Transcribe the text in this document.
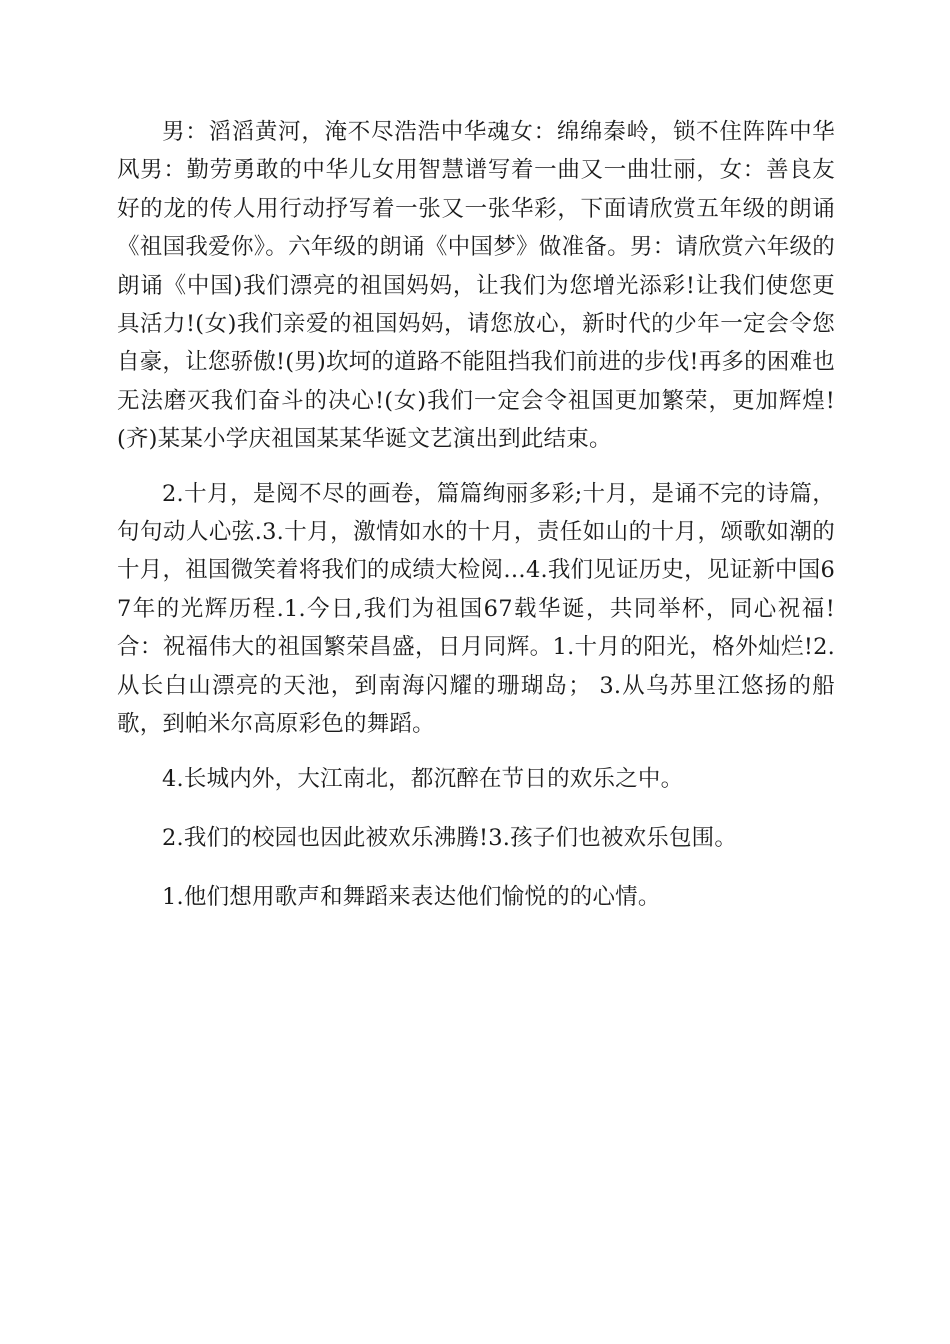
男：滔滔黄河，淹不尽浩浩中华魂女：绵绵秦岭，锁不住阵阵中华风男：勤劳勇敢的中华儿女用智慧谱写着一曲又一曲壮丽，女：善良友好的龙的传人用行动抒写着一张又一张华彩，下面请欣赏五年级的朗诵《祖国我爱你》。六年级的朗诵《中国梦》做准备。男：请欣赏六年级的朗诵《中国)我们漂亮的祖国妈妈，让我们为您增光添彩!让我们使您更具活力!(女)我们亲爱的祖国妈妈，请您放心，新时代的少年一定会令您自豪，让您骄傲!(男)坎坷的道路不能阻挡我们前进的步伐!再多的困难也无法磨灭我们奋斗的决心!(女)我们一定会令祖国更加繁荣，更加辉煌!(齐)某某小学庆祖国某某华诞文艺演出到此结束。

2.十月，是阅不尽的画卷，篇篇绚丽多彩;十月，是诵不完的诗篇，句句动人心弦.3.十月，激情如水的十月，责任如山的十月，颂歌如潮的十月，祖国微笑着将我们的成绩大检阅…4.我们见证历史，见证新中国67年的光辉历程.1.今日,我们为祖国67载华诞，共同举杯，同心祝福!合：祝福伟大的祖国繁荣昌盛，日月同辉。1.十月的阳光，格外灿烂!2.从长白山漂亮的天池，到南海闪耀的珊瑚岛； 3.从乌苏里江悠扬的船歌，到帕米尔高原彩色的舞蹈。

4.长城内外，大江南北，都沉醉在节日的欢乐之中。

2.我们的校园也因此被欢乐沸腾!3.孩子们也被欢乐包围。

1.他们想用歌声和舞蹈来表达他们愉悦的的心情。
